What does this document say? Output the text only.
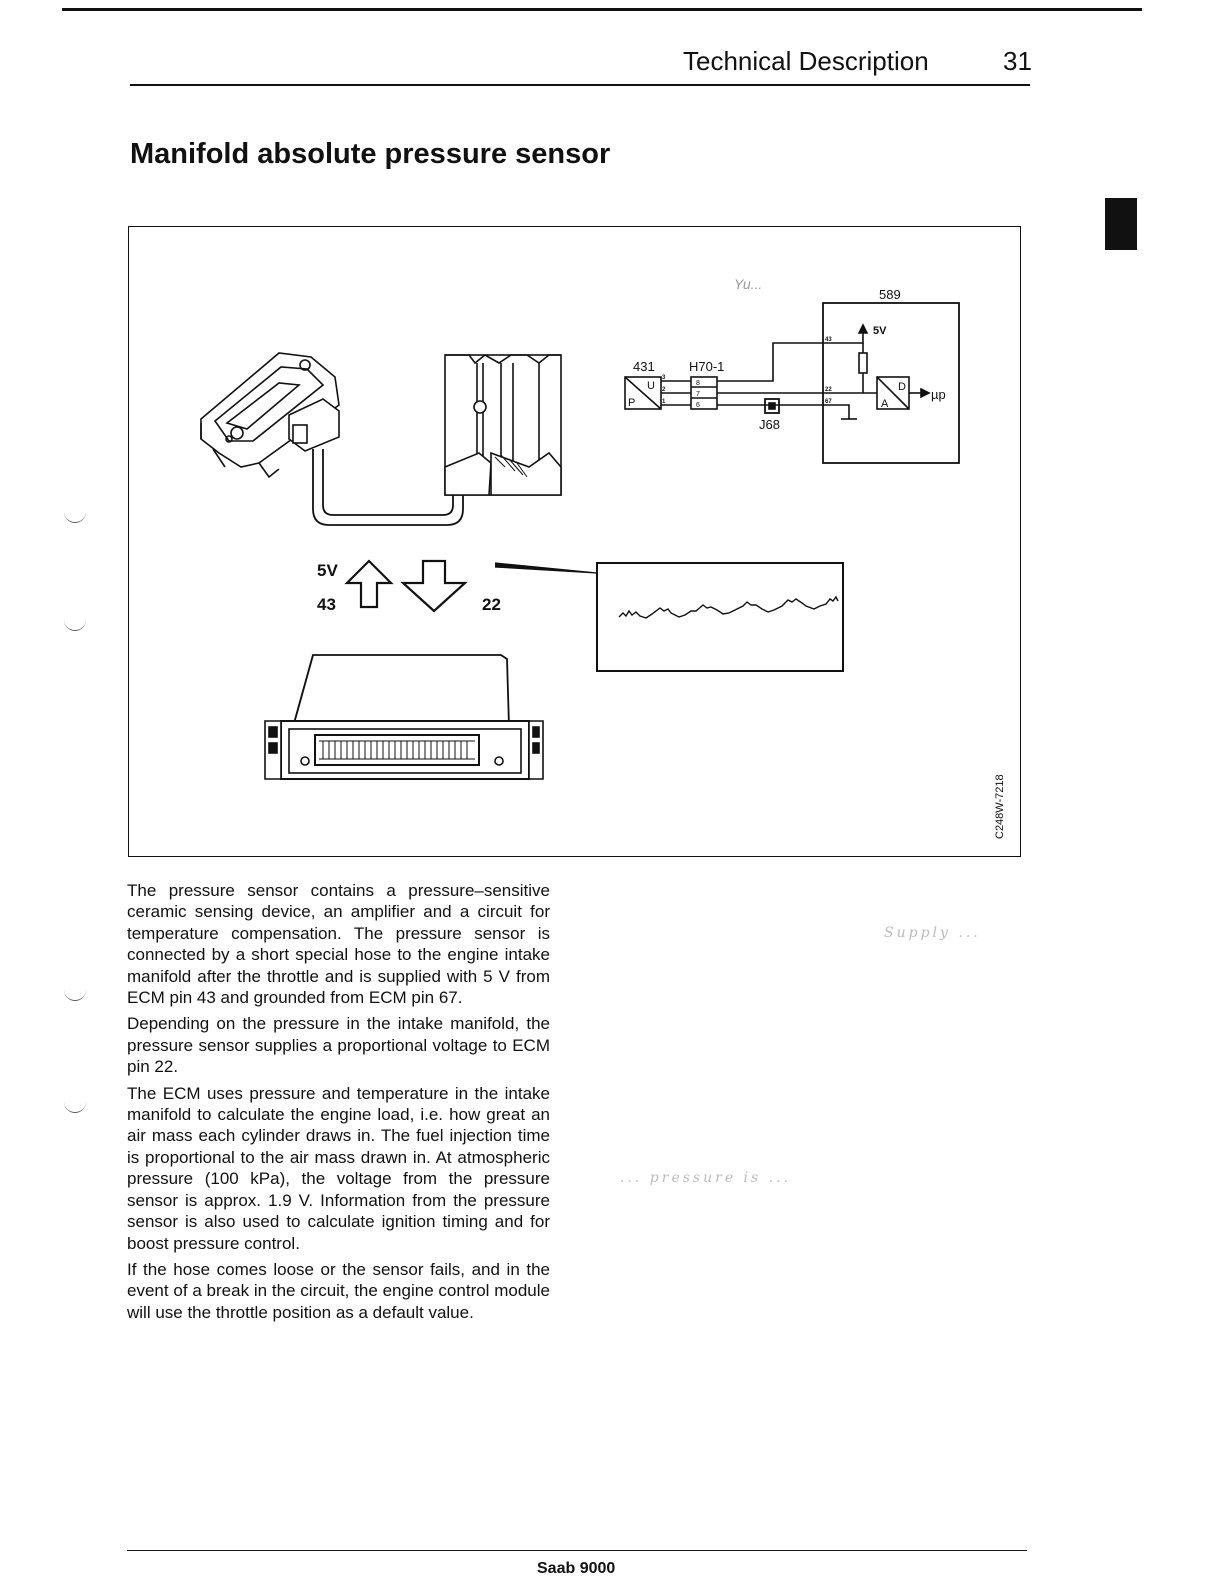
Technical Description	31
Manifold absolute pressure sensor
Yu...
5V
43	22
431
U
P
3
2
1
H70-1
8
7
6
J68
589
43
22
67
5V
D
A
µp
C248W-7218

The pressure sensor contains a pressure–sensitive ceramic sensing device, an amplifier and a circuit for temperature compensation. The pressure sensor is connected by a short special hose to the engine intake manifold after the throttle and is supplied with 5 V from ECM pin 43 and grounded from ECM pin 67.

Depending on the pressure in the intake manifold, the pressure sensor supplies a proportional voltage to ECM pin 22.

The ECM uses pressure and temperature in the intake manifold to calculate the engine load, i.e. how great an air mass each cylinder draws in. The fuel injection time is proportional to the air mass drawn in. At atmospheric pressure (100 kPa), the voltage from the pressure sensor is approx. 1.9 V. Information from the pressure sensor is also used to calculate ignition timing and for boost pressure control.

If the hose comes loose or the sensor fails, and in the event of a break in the circuit, the engine control module will use the throttle position as a default value.

Supply ...
... pressure is ...
Saab 9000
